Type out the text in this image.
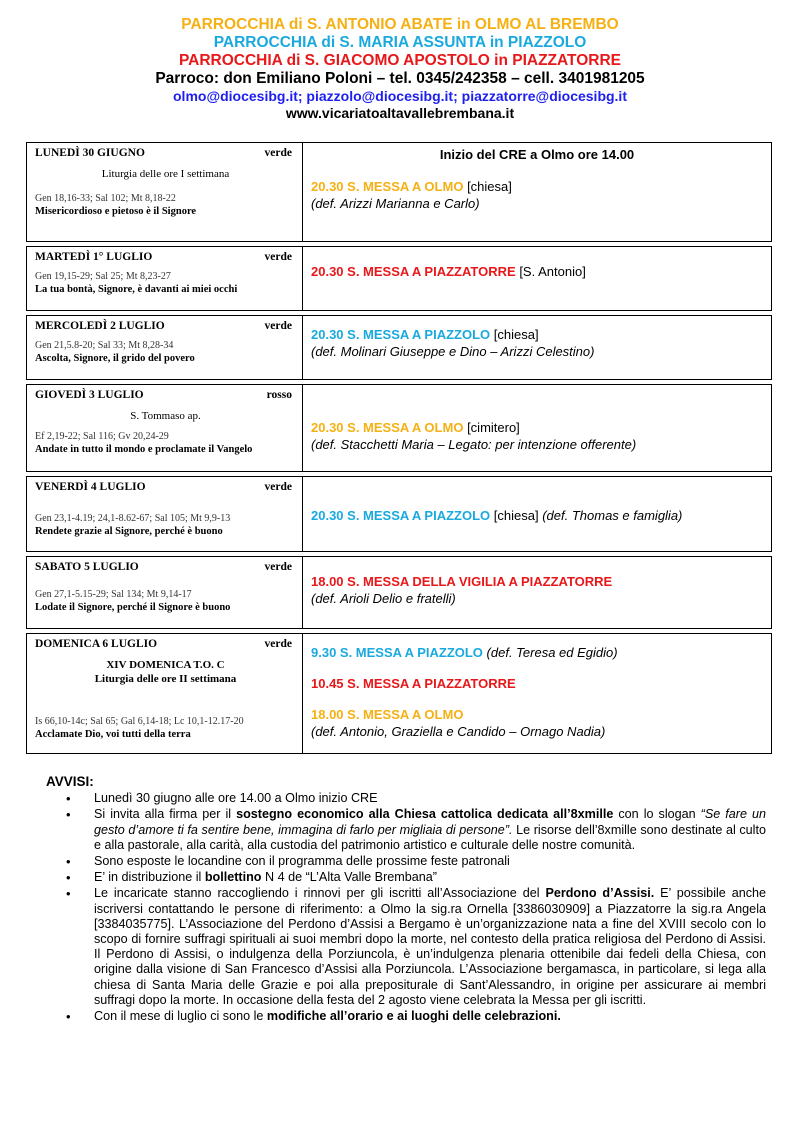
PARROCCHIA di S. ANTONIO ABATE in OLMO AL BREMBO
PARROCCHIA di S. MARIA ASSUNTA in PIAZZOLO
PARROCCHIA di S. GIACOMO APOSTOLO in PIAZZATORRE
Parroco: don Emiliano Poloni – tel. 0345/242358 – cell. 3401981205
olmo@diocesibg.it; piazzolo@diocesibg.it; piazzatorre@diocesibg.it
www.vicariatoaltavallebrembana.it
LUNEDÌ 30 GIUGNO	verde
Liturgia delle ore I settimana
Gen 18,16-33; Sal 102; Mt 8,18-22
Misericordioso e pietoso è il Signore
Inizio del CRE a Olmo ore 14.00
20.30 S. MESSA A OLMO [chiesa]
(def. Arizzi Marianna e Carlo)
MARTEDÌ 1° LUGLIO	verde
Gen 19,15-29; Sal 25; Mt 8,23-27
La tua bontà, Signore, è davanti ai miei occhi
20.30 S. MESSA A PIAZZATORRE [S. Antonio]
MERCOLEDÌ 2 LUGLIO	verde
Gen 21,5.8-20; Sal 33; Mt 8,28-34
Ascolta, Signore, il grido del povero
20.30 S. MESSA A PIAZZOLO [chiesa]
(def. Molinari Giuseppe e Dino – Arizzi Celestino)
GIOVEDÌ 3 LUGLIO	rosso
S. Tommaso ap.
Ef 2,19-22; Sal 116; Gv 20,24-29
Andate in tutto il mondo e proclamate il Vangelo
20.30 S. MESSA A OLMO [cimitero]
(def. Stacchetti Maria – Legato: per intenzione offerente)
VENERDÌ 4 LUGLIO	verde
Gen 23,1-4.19; 24,1-8.62-67; Sal 105; Mt 9,9-13
Rendete grazie al Signore, perché è buono
20.30 S. MESSA A PIAZZOLO [chiesa] (def. Thomas e famiglia)
SABATO 5 LUGLIO	verde
Gen 27,1-5.15-29; Sal 134; Mt 9,14-17
Lodate il Signore, perché il Signore è buono
18.00 S. MESSA DELLA VIGILIA A PIAZZATORRE
(def. Arioli Delio e fratelli)
DOMENICA 6 LUGLIO	verde
XIV DOMENICA T.O. C
Liturgia delle ore II settimana
Is 66,10-14c; Sal 65; Gal 6,14-18; Lc 10,1-12.17-20
Acclamate Dio, voi tutti della terra
9.30 S. MESSA A PIAZZOLO (def. Teresa ed Egidio)
10.45 S. MESSA A PIAZZATORRE
18.00 S. MESSA A OLMO
(def. Antonio, Graziella e Candido – Ornago Nadia)
AVVISI:
• Lunedì 30 giugno alle ore 14.00 a Olmo inizio CRE
• Si invita alla firma per il sostegno economico alla Chiesa cattolica dedicata all’8xmille con lo slogan “Se fare un gesto d’amore ti fa sentire bene, immagina di farlo per migliaia di persone”. Le risorse dell’8xmille sono destinate al culto e alla pastorale, alla carità, alla custodia del patrimonio artistico e culturale delle nostre comunità.
• Sono esposte le locandine con il programma delle prossime feste patronali
• E’ in distribuzione il bollettino N 4 de “L’Alta Valle Brembana”
• Le incaricate stanno raccogliendo i rinnovi per gli iscritti all’Associazione del Perdono d’Assisi. E’ possibile anche iscriversi contattando le persone di riferimento: a Olmo la sig.ra Ornella [3386030909] a Piazzatorre la sig.ra Angela [3384035775]. L’Associazione del Perdono d’Assisi a Bergamo è un’organizzazione nata a fine del XVIII secolo con lo scopo di fornire suffragi spirituali ai suoi membri dopo la morte, nel contesto della pratica religiosa del Perdono di Assisi. Il Perdono di Assisi, o indulgenza della Porziuncola, è un’indulgenza plenaria ottenibile dai fedeli della Chiesa, con origine dalla visione di San Francesco d’Assisi alla Porziuncola. L’Associazione bergamasca, in particolare, si lega alla chiesa di Santa Maria delle Grazie e poi alla prepositurale di Sant’Alessandro, in origine per assicurare ai membri suffragi dopo la morte. In occasione della festa del 2 agosto viene celebrata la Messa per gli iscritti.
• Con il mese di luglio ci sono le modifiche all’orario e ai luoghi delle celebrazioni.
